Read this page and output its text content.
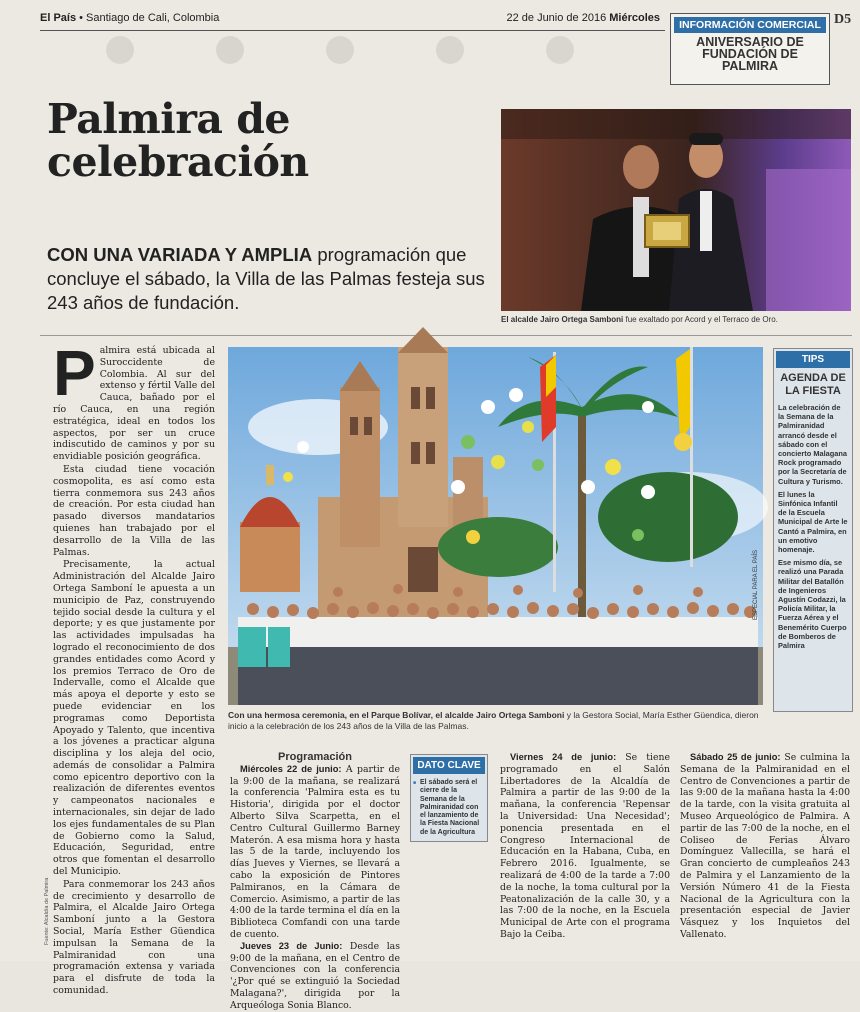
El País • Santiago de Cali, Colombia	22 de Junio de 2016 Miércoles	D5
INFORMACIÓN COMERCIAL
ANIVERSARIO DE
FUNDACIÓN DE
PALMIRA
Palmira de
celebración
CON UNA VARIADA Y AMPLIA programación que concluye el sábado, la Villa de las Palmas festeja sus 243 años de fundación.
El alcalde Jairo Ortega Samboni fue exaltado por Acord y el Terraco de Oro.

Palmira está ubicada al Suroccidente de Colombia. Al sur del extenso y fértil Valle del Cauca, bañado por el río Cauca, en una región estratégica, ideal en todos los aspectos, por ser un cruce indiscutido de caminos y por su envidiable posición geográfica.

Esta ciudad tiene vocación cosmopolita, es así como esta tierra conmemora sus 243 años de creación. Por esta ciudad han pasado diversos mandatarios quienes han trabajado por el desarrollo de la Villa de las Palmas.

Precisamente, la actual Administración del Alcalde Jairo Ortega Samboní le apuesta a un municipio de Paz, construyendo tejido social desde la cultura y el deporte; y es que justamente por las actividades impulsadas ha logrado el reconocimiento de dos grandes entidades como Acord y los premios Terraco de Oro de Indervalle, como el Alcalde que más apoya el deporte y esto se puede evidenciar en los programas como Deportista Apoyado y Talento, que incentiva a los jóvenes a practicar alguna disciplina y los aleja del ocio, además de consolidar a Palmira como epicentro deportivo con la realización de diferentes eventos y campeonatos nacionales e internacionales, sin dejar de lado los ejes fundamentales de su Plan de Gobierno como la Salud, Educación, Seguridad, entre otros que fomentan el desarrollo del Municipio.

Para conmemorar los 243 años de crecimiento y desarrollo de Palmira, el Alcalde Jairo Ortega Samboní junto a la Gestora Social, María Esther Güendica impulsan la Semana de la Palmiranidad con una programación extensa y variada para el disfrute de toda la comunidad.

Fuente: Alcaldía de Palmira
ESPECIAL PARA EL PAÍS
Con una hermosa ceremonia, en el Parque Bolívar, el alcalde Jairo Ortega Samboni y la Gestora Social, María Esther Güendica, dieron inicio a la celebración de los 243 años de la Villa de las Palmas.
TIPS
AGENDA DE
LA FIESTA

La celebración de la Semana de la Palmiranidad arrancó desde el sábado con el concierto Malagana Rock programado por la Secretaría de Cultura y Turismo.

El lunes la Sinfónica Infantil de la Escuela Municipal de Arte le Cantó a Palmira, en un emotivo homenaje.

Ese mismo día, se realizó una Parada Militar del Batallón de Ingenieros Agustín Codazzi, la Policía Militar, la Fuerza Aérea y el Benemérito Cuerpo de Bomberos de Palmira

Programación

Miércoles 22 de junio: A partir de la 9:00 de la mañana, se realizará la conferencia 'Palmira esta es tu Historia', dirigida por el doctor Alberto Silva Scarpetta, en el Centro Cultural Guillermo Barney Materón. A esa misma hora y hasta las 5 de la tarde, incluyendo los días Jueves y Viernes, se llevará a cabo la exposición de Pintores Palmiranos, en la Cámara de Comercio. Asimismo, a partir de las 4:00 de la tarde termina el día en la Biblioteca Comfandi con una tarde de cuento.

Jueves 23 de Junio: Desde las 9:00 de la mañana, en el Centro de Convenciones con la conferencia '¿Por qué se extinguió la Sociedad Malagana?', dirigida por la Arqueóloga Sonia Blanco.

DATO CLAVE
■ El sábado será el cierre de la Semana de la Palmiranidad con el lanzamiento de la Fiesta Nacional de la Agricultura

Viernes 24 de junio: Se tiene programado en el Salón Libertadores de la Alcaldía de Palmira a partir de las 9:00 de la mañana, la conferencia 'Repensar la Universidad: Una Necesidad'; ponencia presentada en el Congreso Internacional de Educación en la Habana, Cuba, en Febrero 2016. Igualmente, se realizará de 4:00 de la tarde a 7:00 de la noche, la toma cultural por la Peatonalización de la calle 30, y a las 7:00 de la noche, en la Escuela Municipal de Arte con el programa Bajo la Ceiba.

Sábado 25 de junio: Se culmina la Semana de la Palmiranidad en el Centro de Convenciones a partir de las 9:00 de la mañana hasta la 4:00 de la tarde, con la visita gratuita al Museo Arqueológico de Palmira. A partir de las 7:00 de la noche, en el Coliseo de Ferias Álvaro Domínguez Vallecilla, se hará el Gran concierto de cumpleaños 243 de Palmira y el Lanzamiento de la Versión Número 41 de la Fiesta Nacional de la Agricultura con la presentación especial de Javier Vásquez y los Inquietos del Vallenato.
